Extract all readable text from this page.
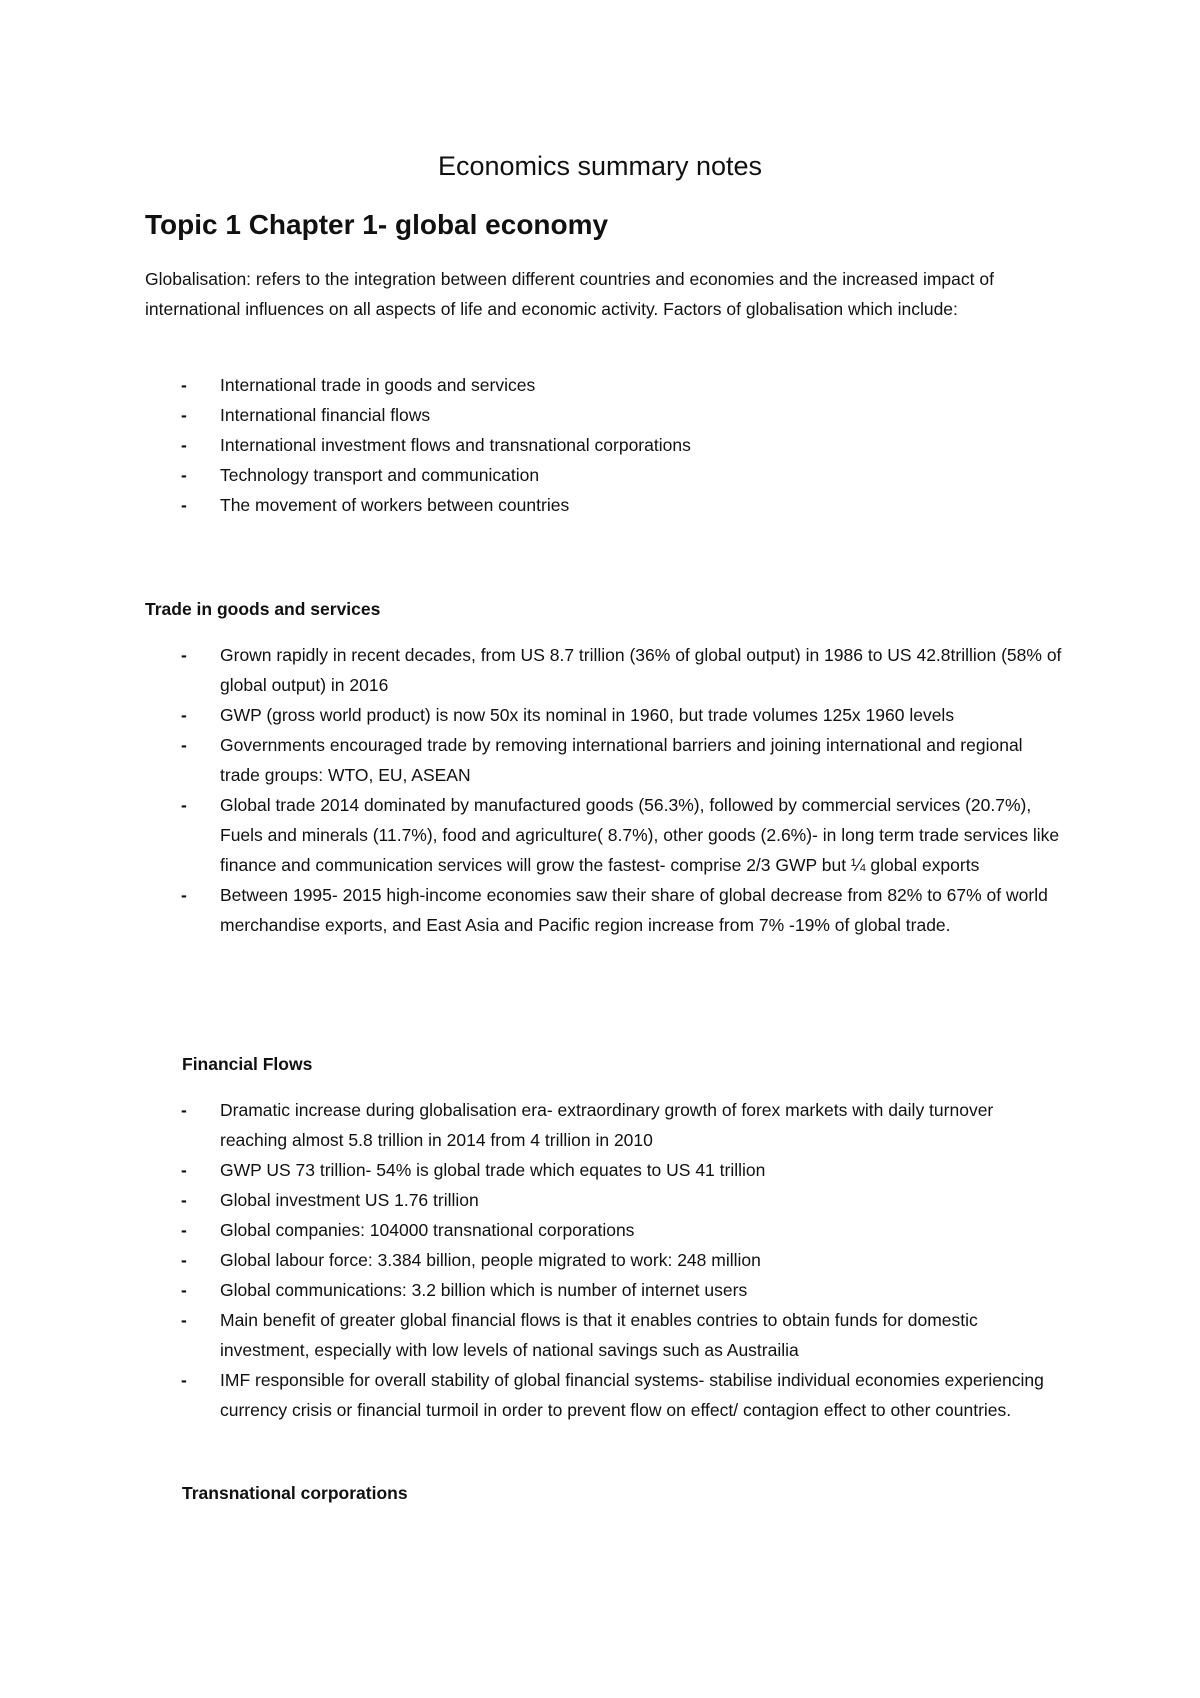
Economics summary notes
Topic 1 Chapter 1- global economy

Globalisation: refers to the integration between different countries and economies and the increased impact of international influences on all aspects of life and economic activity. Factors of globalisation which include:

- International trade in goods and services
- International financial flows
- International investment flows and transnational corporations
- Technology transport and communication
- The movement of workers between countries
Trade in goods and services
- Grown rapidly in recent decades, from US 8.7 trillion (36% of global output) in 1986 to US 42.8trillion (58% of global output) in 2016
- GWP (gross world product) is now 50x its nominal in 1960, but trade volumes 125x 1960 levels
- Governments encouraged trade by removing international barriers and joining international and regional trade groups: WTO, EU, ASEAN
- Global trade 2014 dominated by manufactured goods (56.3%), followed by commercial services (20.7%), Fuels and minerals (11.7%), food and agriculture( 8.7%), other goods (2.6%)- in long term trade services like finance and communication services will grow the fastest- comprise 2/3 GWP but ¼ global exports
- Between 1995- 2015 high-income economies saw their share of global decrease from 82% to 67% of world merchandise exports, and East Asia and Pacific region increase from 7% -19% of global trade.
Financial Flows
- Dramatic increase during globalisation era- extraordinary growth of forex markets with daily turnover reaching almost 5.8 trillion in 2014 from 4 trillion in 2010
- GWP US 73 trillion- 54% is global trade which equates to US 41 trillion
- Global investment US 1.76 trillion
- Global companies: 104000 transnational corporations
- Global labour force: 3.384 billion, people migrated to work: 248 million
- Global communications: 3.2 billion which is number of internet users
- Main benefit of greater global financial flows is that it enables contries to obtain funds for domestic investment, especially with low levels of national savings such as Austrailia
- IMF responsible for overall stability of global financial systems- stabilise individual economies experiencing currency crisis or financial turmoil in order to prevent flow on effect/ contagion effect to other countries.
Transnational corporations
